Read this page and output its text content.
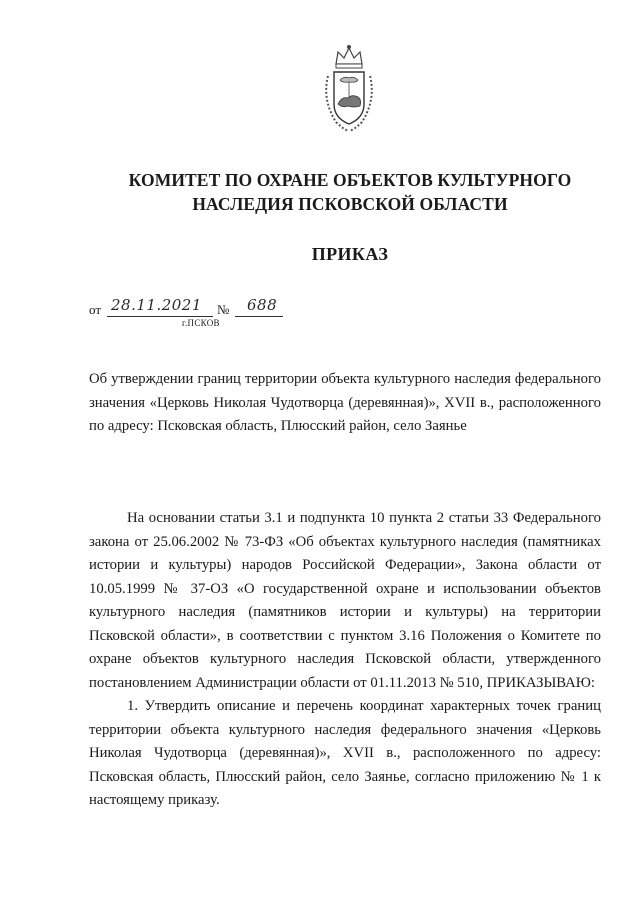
КОМИТЕТ ПО ОХРАНЕ ОБЪЕКТОВ КУЛЬТУРНОГО
НАСЛЕДИЯ ПСКОВСКОЙ ОБЛАСТИ
ПРИКАЗ
от 28.11.2021 № 688
г.ПСКОВ
Об утверждении границ территории объекта культурного наследия федерального значения «Церковь Николая Чудотворца (деревянная)», XVII в., расположенного по адресу: Псковская область, Плюсский район, село Заянье

На основании статьи 3.1 и подпункта 10 пункта 2 статьи 33 Федерального закона от 25.06.2002 № 73-ФЗ «Об объектах культурного наследия (памятниках истории и культуры) народов Российской Федерации», Закона области от 10.05.1999 № 37-ОЗ «О государственной охране и использовании объектов культурного наследия (памятников истории и культуры) на территории Псковской области», в соответствии с пунктом 3.16 Положения о Комитете по охране объектов культурного наследия Псковской области, утвержденного постановлением Администрации области от 01.11.2013 № 510, ПРИКАЗЫВАЮ:

1. Утвердить описание и перечень координат характерных точек границ территории объекта культурного наследия федерального значения «Церковь Николая Чудотворца (деревянная)», XVII в., расположенного по адресу: Псковская область, Плюсский район, село Заянье, согласно приложению № 1 к настоящему приказу.
